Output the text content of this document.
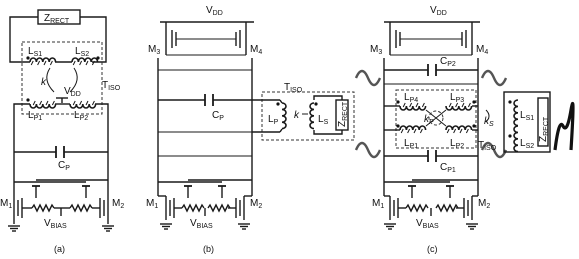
$Z_{RECT}$
$T_{ISO}$
$L_{S1}$	$L_{S2}$
k
$V_{DD}$
$L_{P1}$	$L_{P2}$
$C_P$
$V_{BIAS}$
$M_1$	$M_2$
(a)
$V_{DD}$
$M_3$	$M_4$
$C_P$
$T_{ISO}$
$L_P$
k $L_S$ $Z_{RECT}$
$V_{BIAS}$
$M_1$	$M_2$
(b)
$V_{DD}$
$M_3$	$M_4$
$C_{P2}$
$T_{ISO}$
$L_{P4}$	$L_{P3}$
$L_{P1}$	$L_{P2}$
$k_P$	$k_S$
$L_{S1}$
$L_{S2}$
$Z_{RECT}$
$C_{P1}$
$V_{BIAS}$
$M_1$	$M_2$
(c)
